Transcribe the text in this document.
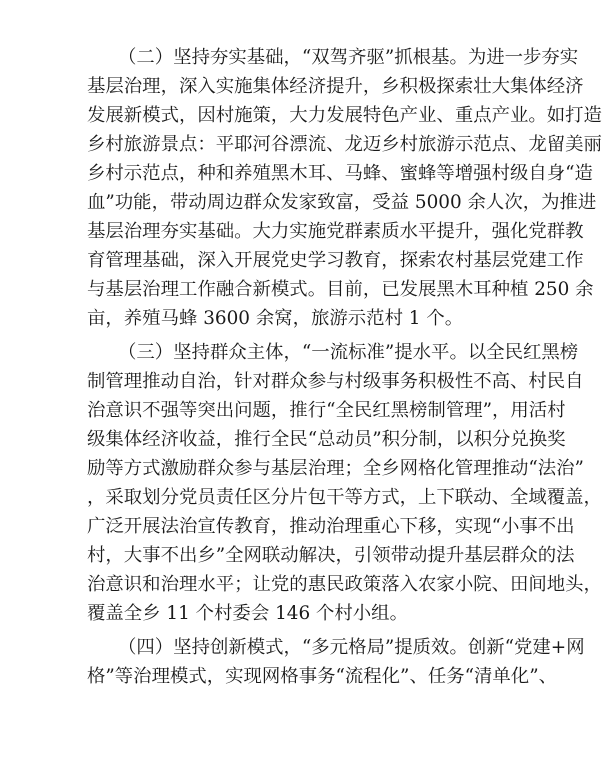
（二）坚持夯实基础，“双驾齐驱”抓根基。为进一步夯实
基层治理，深入实施集体经济提升，乡积极探索壮大集体经济
发展新模式，因村施策，大力发展特色产业、重点产业。如打造
乡村旅游景点：平耶河谷漂流、龙迈乡村旅游示范点、龙留美丽
乡村示范点，种和养殖黑木耳、马蜂、蜜蜂等增强村级自身“造
血”功能，带动周边群众发家致富，受益 5000 余人次，为推进
基层治理夯实基础。大力实施党群素质水平提升，强化党群教
育管理基础，深入开展党史学习教育，探索农村基层党建工作
与基层治理工作融合新模式。目前，已发展黑木耳种植 250 余
亩，养殖马蜂 3600 余窝，旅游示范村 1 个。
（三）坚持群众主体，“一流标准”提水平。以全民红黑榜
制管理推动自治，针对群众参与村级事务积极性不高、村民自
治意识不强等突出问题，推行“全民红黑榜制管理”，用活村
级集体经济收益，推行全民“总动员”积分制，以积分兑换奖
励等方式激励群众参与基层治理；全乡网格化管理推动“法治”
，采取划分党员责任区分片包干等方式，上下联动、全域覆盖，
广泛开展法治宣传教育，推动治理重心下移，实现“小事不出
村，大事不出乡”全网联动解决，引领带动提升基层群众的法
治意识和治理水平；让党的惠民政策落入农家小院、田间地头，
覆盖全乡 11 个村委会 146 个村小组。
（四）坚持创新模式，“多元格局”提质效。创新“党建+网
格”等治理模式，实现网格事务“流程化”、任务“清单化”、
